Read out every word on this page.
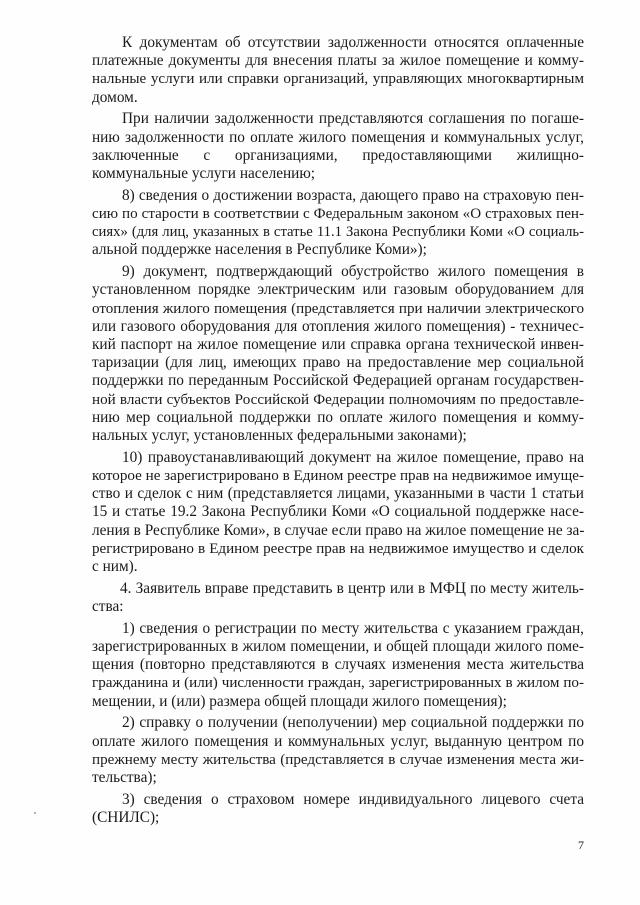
К документам об отсутствии задолженности относятся оплаченные
платежные документы для внесения платы за жилое помещение и комму-
нальные услуги или справки организаций, управляющих многоквартирным
домом.
При наличии задолженности представляются соглашения по погаше-
нию задолженности по оплате жилого помещения и коммунальных услуг,
заключенные с организациями, предоставляющими жилищно-
коммунальные услуги населению;
8) сведения о достижении возраста, дающего право на страховую пен-
сию по старости в соответствии с Федеральным законом «О страховых пен-
сиях» (для лиц, указанных в статье 11.1 Закона Республики Коми «О социаль-
альной поддержке населения в Республике Коми»);
9) документ, подтверждающий обустройство жилого помещения в
установленном порядке электрическим или газовым оборудованием для
отопления жилого помещения (представляется при наличии электрического
или газового оборудования для отопления жилого помещения) - техничес-
кий паспорт на жилое помещение или справка органа технической инвен-
таризации (для лиц, имеющих право на предоставление мер социальной
поддержки по переданным Российской Федерацией органам государствен-
ной власти субъектов Российской Федерации полномочиям по предоставле-
нию мер социальной поддержки по оплате жилого помещения и комму-
нальных услуг, установленных федеральными законами);
10) правоустанавливающий документ на жилое помещение, право на
которое не зарегистрировано в Едином реестре прав на недвижимое имуще-
ство и сделок с ним (представляется лицами, указанными в части 1 статьи
15 и статье 19.2 Закона Республики Коми «О социальной поддержке насе-
ления в Республике Коми», в случае если право на жилое помещение не за-
регистрировано в Едином реестре прав на недвижимое имущество и сделок
с ним).
4. Заявитель вправе представить в центр или в МФЦ по месту житель-
ства:
1) сведения о регистрации по месту жительства с указанием граждан,
зарегистрированных в жилом помещении, и общей площади жилого поме-
щения (повторно представляются в случаях изменения места жительства
гражданина и (или) численности граждан, зарегистрированных в жилом по-
мещении, и (или) размера общей площади жилого помещения);
2) справку о получении (неполучении) мер социальной поддержки по
оплате жилого помещения и коммунальных услуг, выданную центром по
прежнему месту жительства (представляется в случае изменения места жи-
тельства);
3) сведения о страховом номере индивидуального лицевого счета
(СНИЛС);
7
